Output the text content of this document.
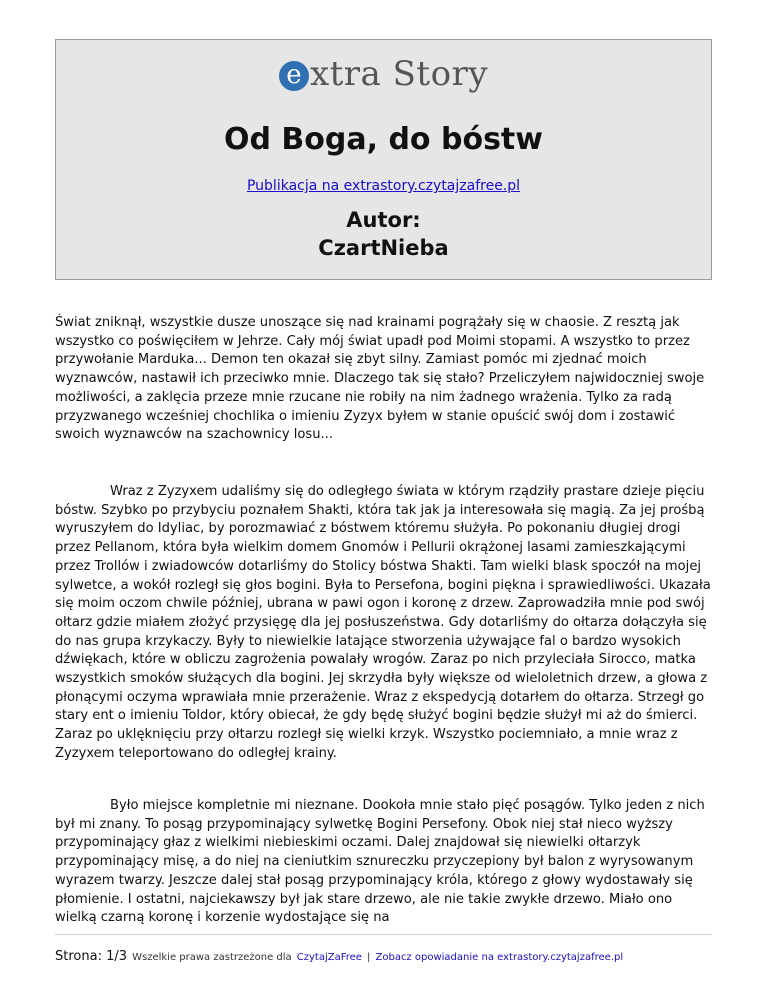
e xtra Story
Od Boga, do bóstw
Publikacja na extrastory.czytajzafree.pl
Autor:
CzartNieba

Świat zniknął, wszystkie dusze unoszące się nad krainami pogrążały się w chaosie. Z resztą jak wszystko co poświęciłem w Jehrze. Cały mój świat upadł pod Moimi stopami. A wszystko to przez przywołanie Marduka... Demon ten okazał się zbyt silny. Zamiast pomóc mi zjednać moich wyznawców, nastawił ich przeciwko mnie. Dlaczego tak się stało? Przeliczyłem najwidoczniej swoje możliwości, a zaklęcia przeze mnie rzucane nie robiły na nim żadnego wrażenia. Tylko za radą przyzwanego wcześniej chochlika o imieniu Zyzyx byłem w stanie opuścić swój dom i zostawić swoich wyznawców na szachownicy losu...

Wraz z Zyzyxem udaliśmy się do odległego świata w którym rządziły prastare dzieje pięciu bóstw. Szybko po przybyciu poznałem Shakti, która tak jak ja interesowała się magią. Za jej prośbą wyruszyłem do Idyliac, by porozmawiać z bóstwem któremu służyła. Po pokonaniu długiej drogi przez Pellanom, która była wielkim domem Gnomów i Pellurii okrążonej lasami zamieszkającymi przez Trollów i zwiadowców dotarliśmy do Stolicy bóstwa Shakti. Tam wielki blask spoczół na mojej sylwetce, a wokół rozległ się głos bogini. Była to Persefona, bogini piękna i sprawiedliwości. Ukazała się moim oczom chwile później, ubrana w pawi ogon i koronę z drzew. Zaprowadziła mnie pod swój ołtarz gdzie miałem złożyć przysięgę dla jej posłuszeństwa. Gdy dotarliśmy do ołtarza dołączyła się do nas grupa krzykaczy. Były to niewielkie latające stworzenia używające fal o bardzo wysokich dźwiękach, które w obliczu zagrożenia powalały wrogów. Zaraz po nich przyleciała Sirocco, matka wszystkich smoków służących dla bogini. Jej skrzydła były większe od wieloletnich drzew, a głowa z płonącymi oczyma wprawiała mnie przerażenie. Wraz z ekspedycją dotarłem do ołtarza. Strzegł go stary ent o imieniu Toldor, który obiecał, że gdy będę służyć bogini będzie służył mi aż do śmierci. Zaraz po uklęknięciu przy ołtarzu rozległ się wielki krzyk. Wszystko pociemniało, a mnie wraz z Zyzyxem teleportowano do odległej krainy.

Było miejsce kompletnie mi nieznane. Dookoła mnie stało pięć posągów. Tylko jeden z nich był mi znany. To posąg przypominający sylwetkę Bogini Persefony. Obok niej stał nieco wyższy przypominający głaz z wielkimi niebieskimi oczami. Dalej znajdował się niewielki ołtarzyk przypominający misę, a do niej na cieniutkim sznureczku przyczepiony był balon z wyrysowanym wyrazem twarzy. Jeszcze dalej stał posąg przypominający króla, którego z głowy wydostawały się płomienie. I ostatni, najciekawszy był jak stare drzewo, ale nie takie zwykłe drzewo. Miało ono wielką czarną koronę i korzenie wydostające się na

Strona: 1/3 Wszelkie prawa zastrzeżone dla CzytajZaFree | Zobacz opowiadanie na extrastory.czytajzafree.pl
